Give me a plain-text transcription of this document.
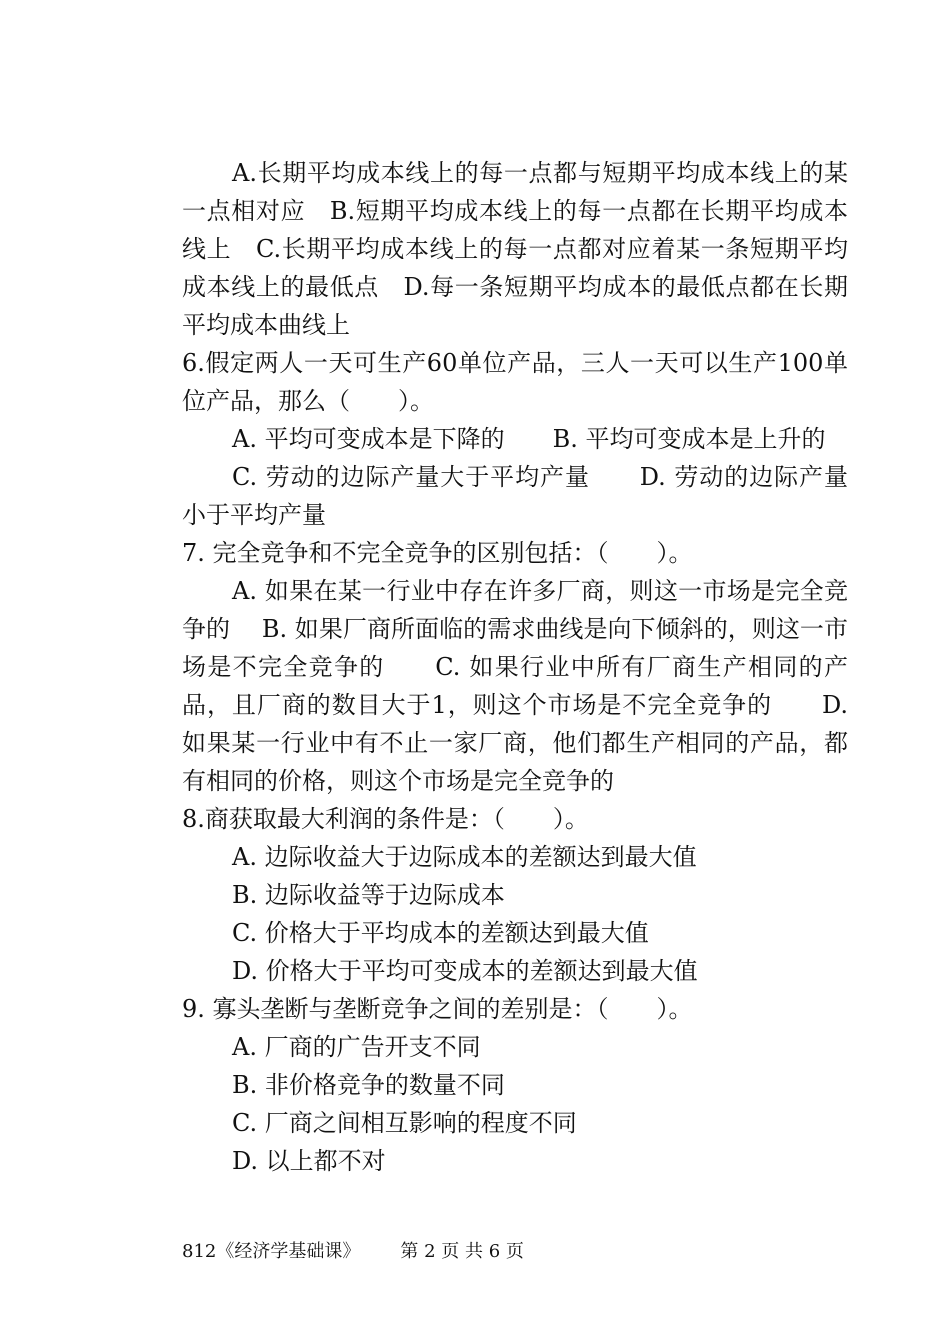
A.长期平均成本线上的每一点都与短期平均成本线上的某一点相对应　B.短期平均成本线上的每一点都在长期平均成本线上　C.长期平均成本线上的每一点都对应着某一条短期平均成本线上的最低点　D.每一条短期平均成本的最低点都在长期平均成本曲线上

6.假定两人一天可生产60单位产品，三人一天可以生产100单位产品，那么（　　）。

A. 平均可变成本是下降的　　B. 平均可变成本是上升的

C. 劳动的边际产量大于平均产量　　D. 劳动的边际产量小于平均产量

7. 完全竞争和不完全竞争的区别包括：（　　）。

A. 如果在某一行业中存在许多厂商，则这一市场是完全竞争的　 B. 如果厂商所面临的需求曲线是向下倾斜的，则这一市场是不完全竞争的　　C. 如果行业中所有厂商生产相同的产品，且厂商的数目大于1，则这个市场是不完全竞争的　　D. 如果某一行业中有不止一家厂商，他们都生产相同的产品，都有相同的价格，则这个市场是完全竞争的

8.商获取最大利润的条件是：（　　）。

A. 边际收益大于边际成本的差额达到最大值

B. 边际收益等于边际成本

C. 价格大于平均成本的差额达到最大值

D. 价格大于平均可变成本的差额达到最大值

9. 寡头垄断与垄断竞争之间的差别是：（　　）。

A. 厂商的广告开支不同

B. 非价格竞争的数量不同

C. 厂商之间相互影响的程度不同

D. 以上都不对

812《经济学基础课》 第 2 页 共 6 页
